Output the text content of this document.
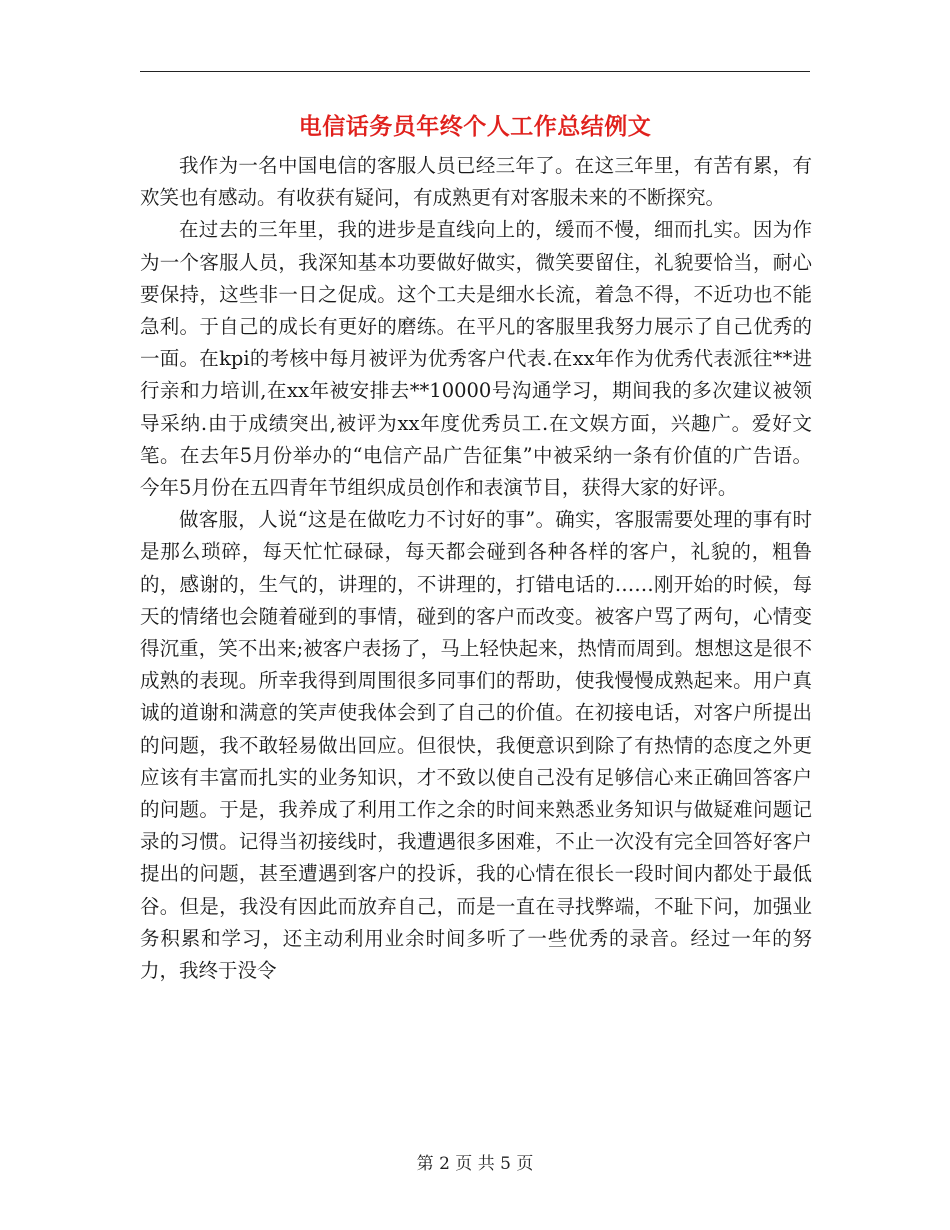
电信话务员年终个人工作总结例文

我作为一名中国电信的客服人员已经三年了。在这三年里，有苦有累，有欢笑也有感动。有收获有疑问，有成熟更有对客服未来的不断探究。

在过去的三年里，我的进步是直线向上的，缓而不慢，细而扎实。因为作为一个客服人员，我深知基本功要做好做实，微笑要留住，礼貌要恰当，耐心要保持，这些非一日之促成。这个工夫是细水长流，着急不得，不近功也不能急利。于自己的成长有更好的磨练。在平凡的客服里我努力展示了自己优秀的一面。在kpi的考核中每月被评为优秀客户代表.在xx年作为优秀代表派往**进行亲和力培训,在xx年被安排去**10000号沟通学习，期间我的多次建议被领导采纳.由于成绩突出,被评为xx年度优秀员工.在文娱方面，兴趣广。爱好文笔。在去年5月份举办的“电信产品广告征集”中被采纳一条有价值的广告语。今年5月份在五四青年节组织成员创作和表演节目，获得大家的好评。

做客服，人说“这是在做吃力不讨好的事”。确实，客服需要处理的事有时是那么琐碎，每天忙忙碌碌，每天都会碰到各种各样的客户，礼貌的，粗鲁的，感谢的，生气的，讲理的，不讲理的，打错电话的……刚开始的时候，每天的情绪也会随着碰到的事情，碰到的客户而改变。被客户骂了两句，心情变得沉重，笑不出来;被客户表扬了，马上轻快起来，热情而周到。想想这是很不成熟的表现。所幸我得到周围很多同事们的帮助，使我慢慢成熟起来。用户真诚的道谢和满意的笑声使我体会到了自己的价值。在初接电话，对客户所提出的问题，我不敢轻易做出回应。但很快，我便意识到除了有热情的态度之外更应该有丰富而扎实的业务知识，才不致以使自己没有足够信心来正确回答客户的问题。于是，我养成了利用工作之余的时间来熟悉业务知识与做疑难问题记录的习惯。记得当初接线时，我遭遇很多困难，不止一次没有完全回答好客户提出的问题，甚至遭遇到客户的投诉，我的心情在很长一段时间内都处于最低谷。但是，我没有因此而放弃自己，而是一直在寻找弊端，不耻下问，加强业务积累和学习，还主动利用业余时间多听了一些优秀的录音。经过一年的努力，我终于没令

第 2 页 共 5 页
